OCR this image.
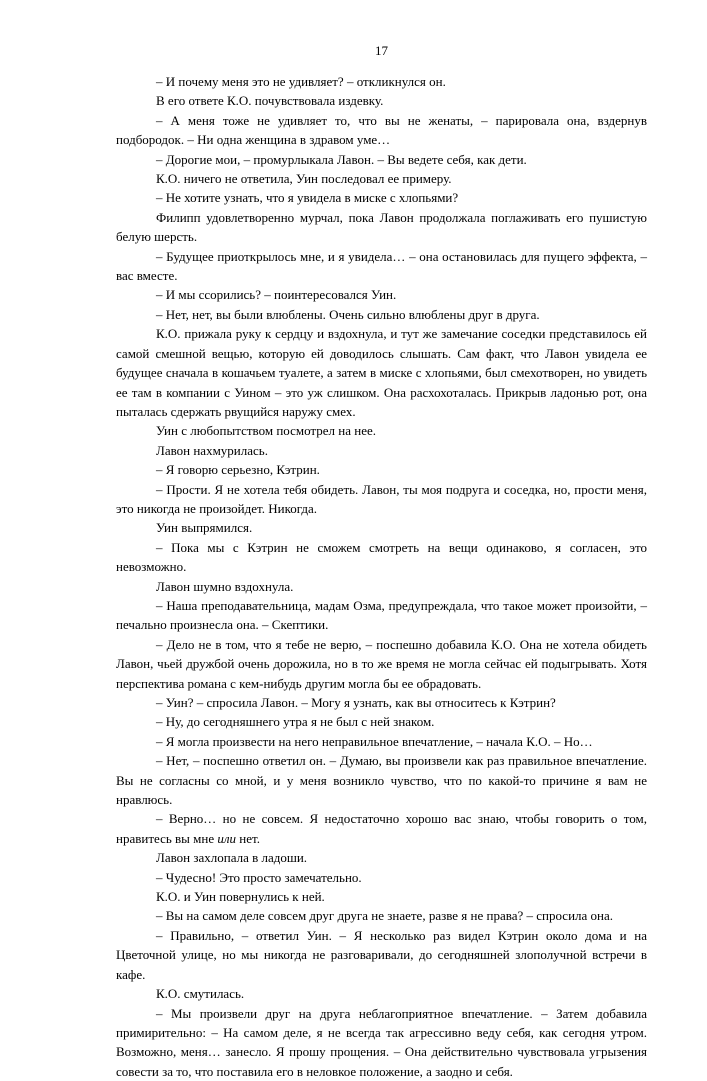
17

– И почему меня это не удивляет? – откликнулся он.

В его ответе К.О. почувствовала издевку.

– А меня тоже не удивляет то, что вы не женаты, – парировала она, вздернув подбородок. – Ни одна женщина в здравом уме…

– Дорогие мои, – промурлыкала Лавон. – Вы ведете себя, как дети.

К.О. ничего не ответила, Уин последовал ее примеру.

– Не хотите узнать, что я увидела в миске с хлопьями?

Филипп удовлетворенно мурчал, пока Лавон продолжала поглаживать его пушистую белую шерсть.

– Будущее приоткрылось мне, и я увидела… – она остановилась для пущего эффекта, – вас вместе.

– И мы ссорились? – поинтересовался Уин.

– Нет, нет, вы были влюблены. Очень сильно влюблены друг в друга.

К.О. прижала руку к сердцу и вздохнула, и тут же замечание соседки представилось ей самой смешной вещью, которую ей доводилось слышать. Сам факт, что Лавон увидела ее будущее сначала в кошачьем туалете, а затем в миске с хлопьями, был смехотворен, но увидеть ее там в компании с Уином – это уж слишком. Она расхохоталась. Прикрыв ладонью рот, она пыталась сдержать рвущийся наружу смех.

Уин с любопытством посмотрел на нее.

Лавон нахмурилась.

– Я говорю серьезно, Кэтрин.

– Прости. Я не хотела тебя обидеть. Лавон, ты моя подруга и соседка, но, прости меня, это никогда не произойдет. Никогда.

Уин выпрямился.

– Пока мы с Кэтрин не сможем смотреть на вещи одинаково, я согласен, это невозможно.

Лавон шумно вздохнула.

– Наша преподавательница, мадам Озма, предупреждала, что такое может произойти, – печально произнесла она. – Скептики.

– Дело не в том, что я тебе не верю, – поспешно добавила К.О. Она не хотела обидеть Лавон, чьей дружбой очень дорожила, но в то же время не могла сейчас ей подыгрывать. Хотя перспектива романа с кем-нибудь другим могла бы ее обрадовать.

– Уин? – спросила Лавон. – Могу я узнать, как вы относитесь к Кэтрин?

– Ну, до сегодняшнего утра я не был с ней знаком.

– Я могла произвести на него неправильное впечатление, – начала К.О. – Но…

– Нет, – поспешно ответил он. – Думаю, вы произвели как раз правильное впечатление. Вы не согласны со мной, и у меня возникло чувство, что по какой-то причине я вам не нравлюсь.

– Верно… но не совсем. Я недостаточно хорошо вас знаю, чтобы говорить о том, нравитесь вы мне или нет.

Лавон захлопала в ладоши.

– Чудесно! Это просто замечательно.

К.О. и Уин повернулись к ней.

– Вы на самом деле совсем друг друга не знаете, разве я не права? – спросила она.

– Правильно, – ответил Уин. – Я несколько раз видел Кэтрин около дома и на Цветочной улице, но мы никогда не разговаривали, до сегодняшней злополучной встречи в кафе.

К.О. смутилась.

– Мы произвели друг на друга неблагоприятное впечатление. – Затем добавила примирительно: – На самом деле, я не всегда так агрессивно веду себя, как сегодня утром. Возможно, меня… занесло. Я прошу прощения. – Она действительно чувствовала угрызения совести за то, что поставила его в неловкое положение, а заодно и себя.
